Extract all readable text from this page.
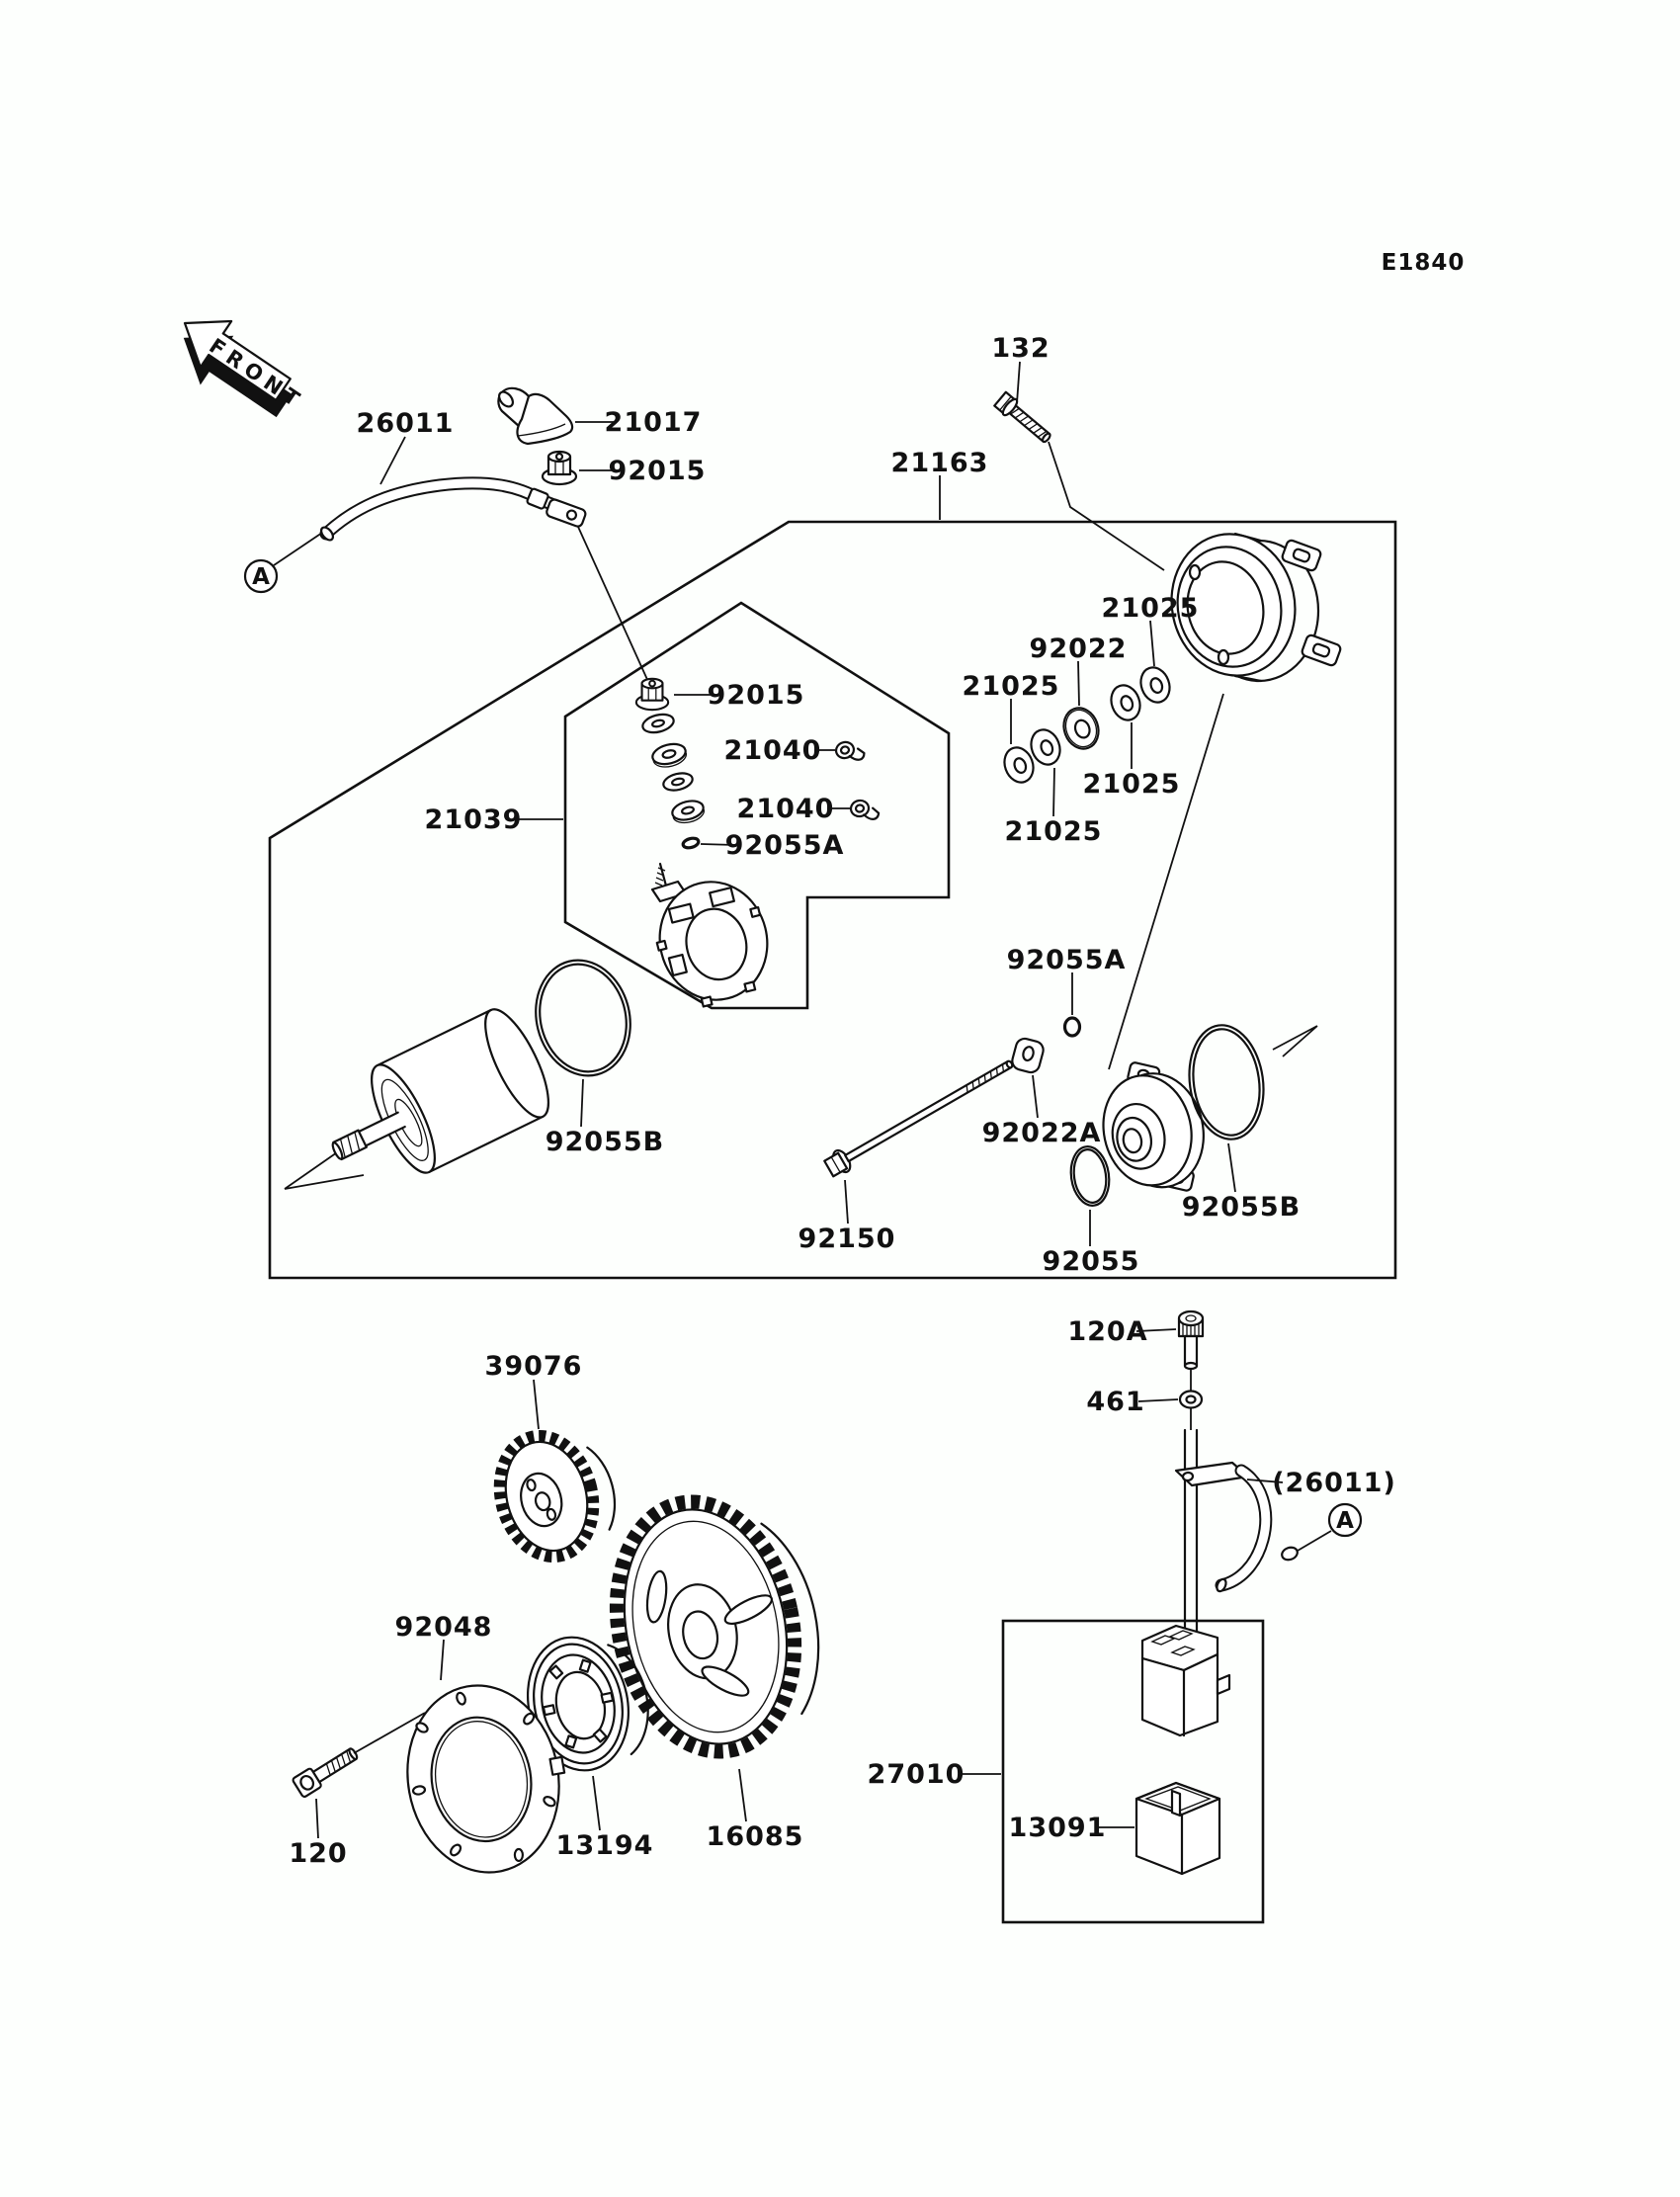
FRONT
A
A
E1840
26011	21017
92015
132
21163
21025
92022
21025
21025
21025
92015
21040
21040
92055A
21039
92055B
92150
92022A
92055A
92055
92055B
120A
461
(26011)
27010
13091
39076
92048
120	13194 16085
